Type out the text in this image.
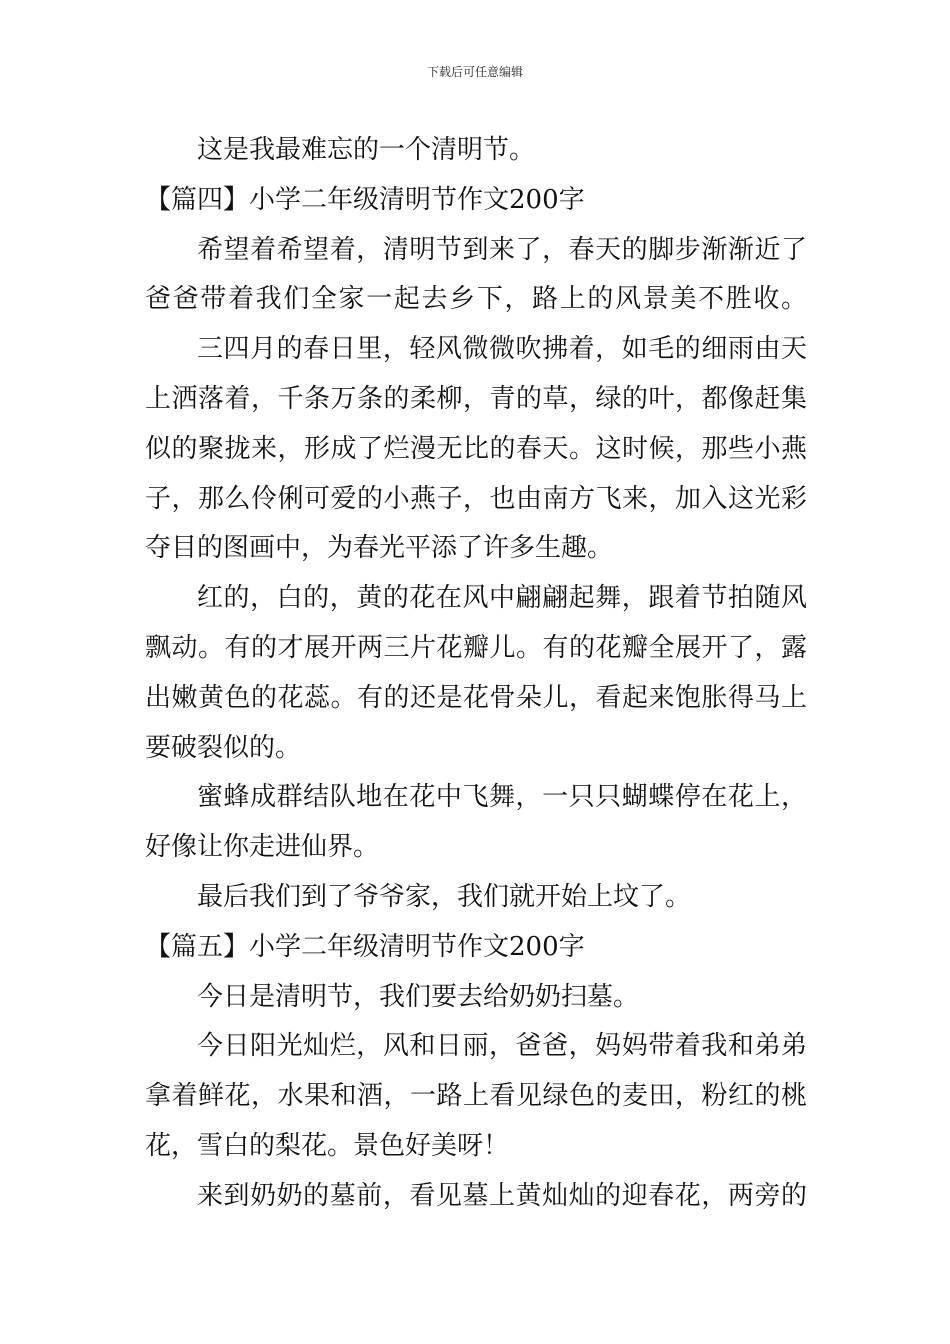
下载后可任意编辑
这是我最难忘的一个清明节。
【篇四】小学二年级清明节作文200字
希望着希望着，清明节到来了，春天的脚步渐渐近了
爸爸带着我们全家一起去乡下，路上的风景美不胜收。
三四月的春日里，轻风微微吹拂着，如毛的细雨由天
上洒落着，千条万条的柔柳，青的草，绿的叶，都像赶集
似的聚拢来，形成了烂漫无比的春天。这时候，那些小燕
子，那么伶俐可爱的小燕子，也由南方飞来，加入这光彩
夺目的图画中，为春光平添了许多生趣。
红的，白的，黄的花在风中翩翩起舞，跟着节拍随风
飘动。有的才展开两三片花瓣儿。有的花瓣全展开了，露
出嫩黄色的花蕊。有的还是花骨朵儿，看起来饱胀得马上
要破裂似的。
蜜蜂成群结队地在花中飞舞，一只只蝴蝶停在花上，
好像让你走进仙界。
最后我们到了爷爷家，我们就开始上坟了。
【篇五】小学二年级清明节作文200字
今日是清明节，我们要去给奶奶扫墓。
今日阳光灿烂，风和日丽，爸爸，妈妈带着我和弟弟
拿着鲜花，水果和酒，一路上看见绿色的麦田，粉红的桃
花，雪白的梨花。景色好美呀！
来到奶奶的墓前，看见墓上黄灿灿的迎春花，两旁的
